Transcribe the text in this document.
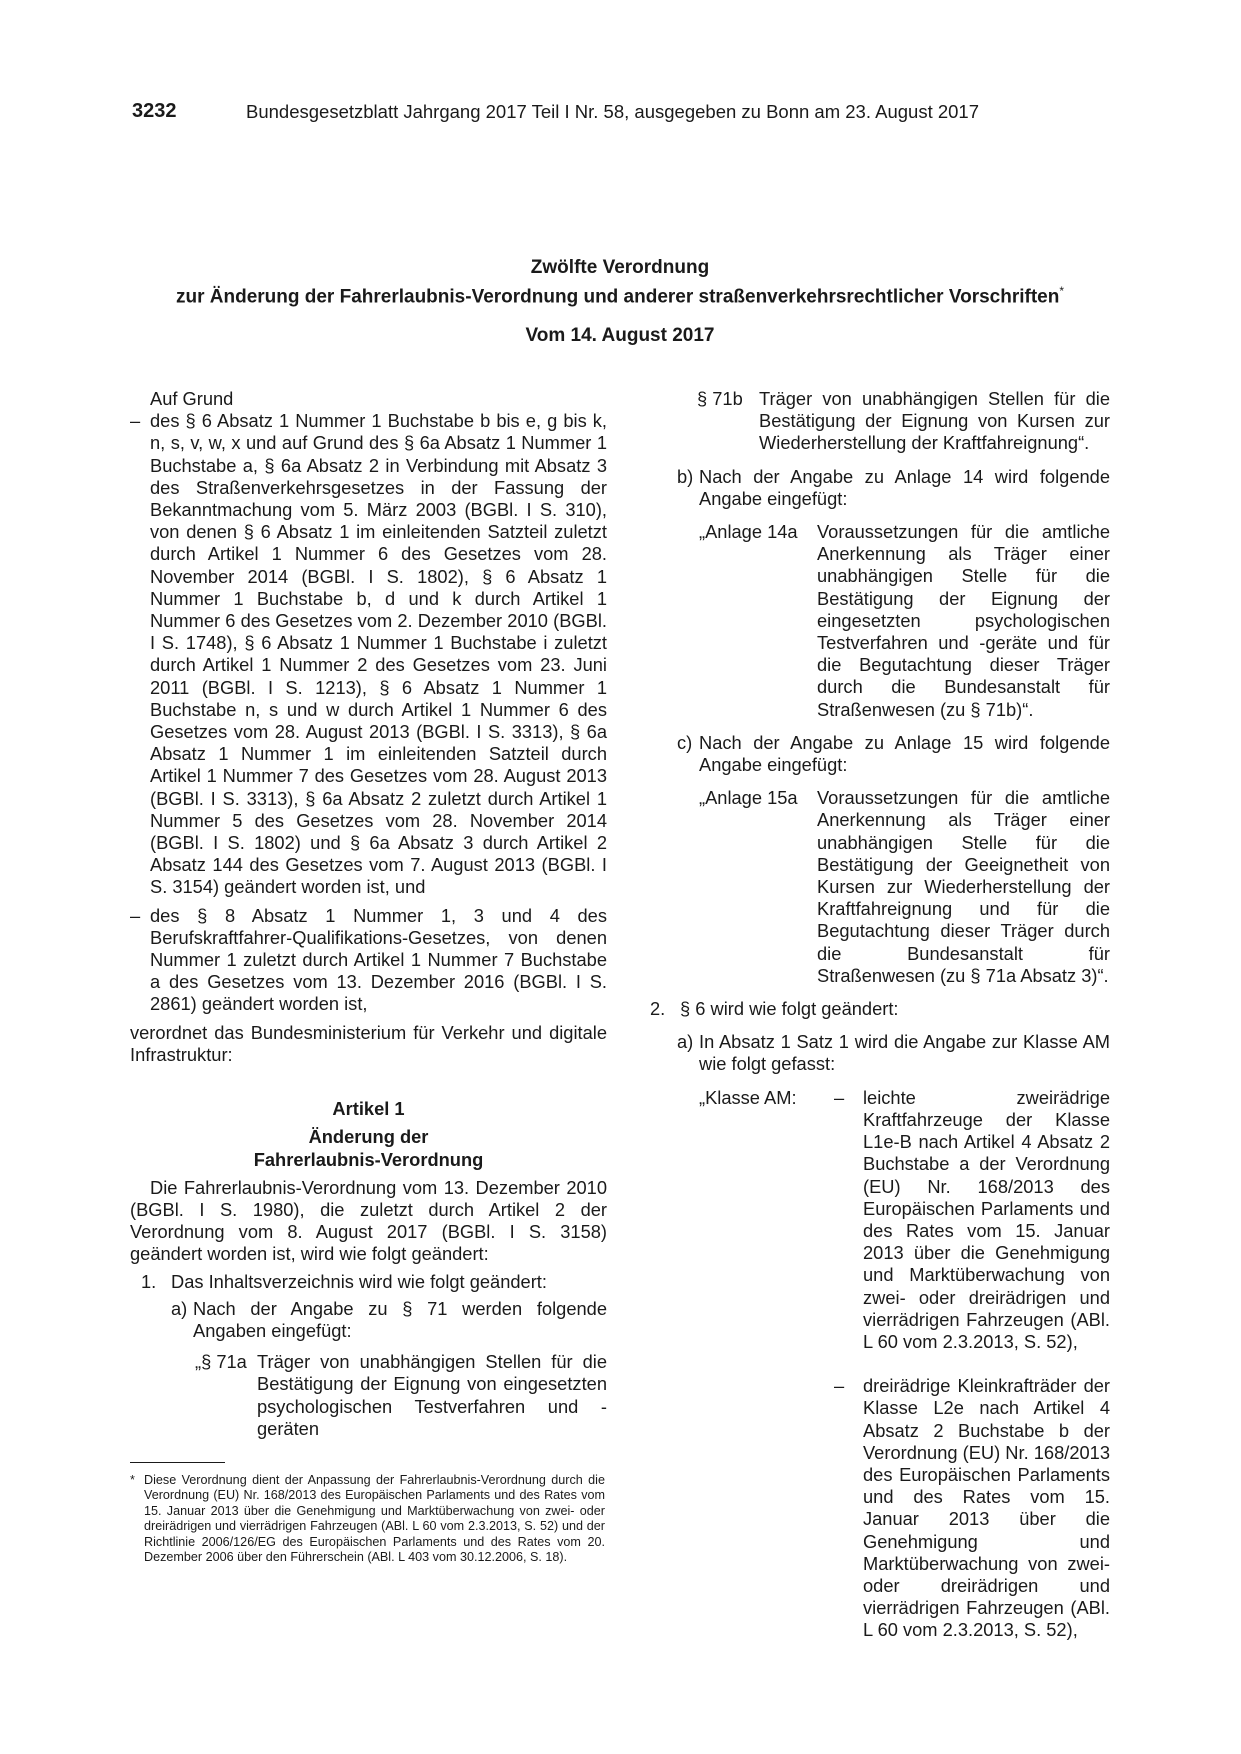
3232	Bundesgesetzblatt Jahrgang 2017 Teil I Nr. 58, ausgegeben zu Bonn am 23. August 2017
Zwölfte Verordnung
zur Änderung der Fahrerlaubnis-Verordnung und anderer straßenverkehrsrechtlicher Vorschriften*
Vom 14. August 2017

Auf Grund

– des § 6 Absatz 1 Nummer 1 Buchstabe b bis e, g bis k, n, s, v, w, x und auf Grund des § 6a Absatz 1 Nummer 1 Buchstabe a, § 6a Absatz 2 in Verbindung mit Absatz 3 des Straßenverkehrsgesetzes in der Fassung der Bekanntmachung vom 5. März 2003 (BGBl. I S. 310), von denen § 6 Absatz 1 im einleitenden Satzteil zuletzt durch Artikel 1 Nummer 6 des Gesetzes vom 28. November 2014 (BGBl. I S. 1802), § 6 Absatz 1 Nummer 1 Buchstabe b, d und k durch Artikel 1 Nummer 6 des Gesetzes vom 2. Dezember 2010 (BGBl. I S. 1748), § 6 Absatz 1 Nummer 1 Buchstabe i zuletzt durch Artikel 1 Nummer 2 des Gesetzes vom 23. Juni 2011 (BGBl. I S. 1213), § 6 Absatz 1 Nummer 1 Buchstabe n, s und w durch Artikel 1 Nummer 6 des Gesetzes vom 28. August 2013 (BGBl. I S. 3313), § 6a Absatz 1 Nummer 1 im einleitenden Satzteil durch Artikel 1 Nummer 7 des Gesetzes vom 28. August 2013 (BGBl. I S. 3313), § 6a Absatz 2 zuletzt durch Artikel 1 Nummer 5 des Gesetzes vom 28. November 2014 (BGBl. I S. 1802) und § 6a Absatz 3 durch Artikel 2 Absatz 144 des Gesetzes vom 7. August 2013 (BGBl. I S. 3154) geändert worden ist, und
– des § 8 Absatz 1 Nummer 1, 3 und 4 des Berufskraftfahrer-Qualifikations-Gesetzes, von denen Nummer 1 zuletzt durch Artikel 1 Nummer 7 Buchstabe a des Gesetzes vom 13. Dezember 2016 (BGBl. I S. 2861) geändert worden ist,

verordnet das Bundesministerium für Verkehr und digitale Infrastruktur:

Artikel 1

Änderung der

Fahrerlaubnis-Verordnung

Die Fahrerlaubnis-Verordnung vom 13. Dezember 2010 (BGBl. I S. 1980), die zuletzt durch Artikel 2 der Verordnung vom 8. August 2017 (BGBl. I S. 3158) geändert worden ist, wird wie folgt geändert:

1. Das Inhaltsverzeichnis wird wie folgt geändert:
a) Nach der Angabe zu § 71 werden folgende Angaben eingefügt:
„§ 71a Träger von unabhängigen Stellen für die Bestätigung der Eignung von eingesetzten psychologischen Testverfahren und -geräten
§ 71b Träger von unabhängigen Stellen für die Bestätigung der Eignung von Kursen zur Wiederherstellung der Kraftfahreignung“.
b) Nach der Angabe zu Anlage 14 wird folgende Angabe eingefügt:
„Anlage 14a	Voraussetzungen für die amtliche Anerkennung als Träger einer unabhängigen Stelle für die Bestätigung der Eignung der eingesetzten psychologischen Testverfahren und -geräte und für die Begutachtung dieser Träger durch die Bundesanstalt für Straßenwesen (zu § 71b)“.
c) Nach der Angabe zu Anlage 15 wird folgende Angabe eingefügt:
„Anlage 15a	Voraussetzungen für die amtliche Anerkennung als Träger einer unabhängigen Stelle für die Bestätigung der Geeignetheit von Kursen zur Wiederherstellung der Kraftfahreignung und für die Begutachtung dieser Träger durch die Bundesanstalt für Straßenwesen (zu § 71a Absatz 3)“.
2. § 6 wird wie folgt geändert:
a) In Absatz 1 Satz 1 wird die Angabe zur Klasse AM wie folgt gefasst:
„Klasse AM:	–	leichte zweirädrige Kraftfahrzeuge der Klasse L1e-B nach Artikel 4 Absatz 2 Buchstabe a der Verordnung (EU) Nr. 168/2013 des Europäischen Parlaments und des Rates vom 15. Januar 2013 über die Genehmigung und Marktüberwachung von zwei- oder dreirädrigen und vierrädrigen Fahrzeugen (ABl. L 60 vom 2.3.2013, S. 52),
–	dreirädrige Kleinkrafträder der Klasse L2e nach Artikel 4 Absatz 2 Buchstabe b der Verordnung (EU) Nr. 168/2013 des Europäischen Parlaments und des Rates vom 15. Januar 2013 über die Genehmigung und Marktüberwachung von zwei- oder dreirädrigen und vierrädrigen Fahrzeugen (ABl. L 60 vom 2.3.2013, S. 52),
* Diese Verordnung dient der Anpassung der Fahrerlaubnis-Verordnung durch die Verordnung (EU) Nr. 168/2013 des Europäischen Parlaments und des Rates vom 15. Januar 2013 über die Genehmigung und Marktüberwachung von zwei- oder dreirädrigen und vierrädrigen Fahrzeugen (ABl. L 60 vom 2.3.2013, S. 52) und der Richtlinie 2006/126/EG des Europäischen Parlaments und des Rates vom 20. Dezember 2006 über den Führerschein (ABl. L 403 vom 30.12.2006, S. 18).
